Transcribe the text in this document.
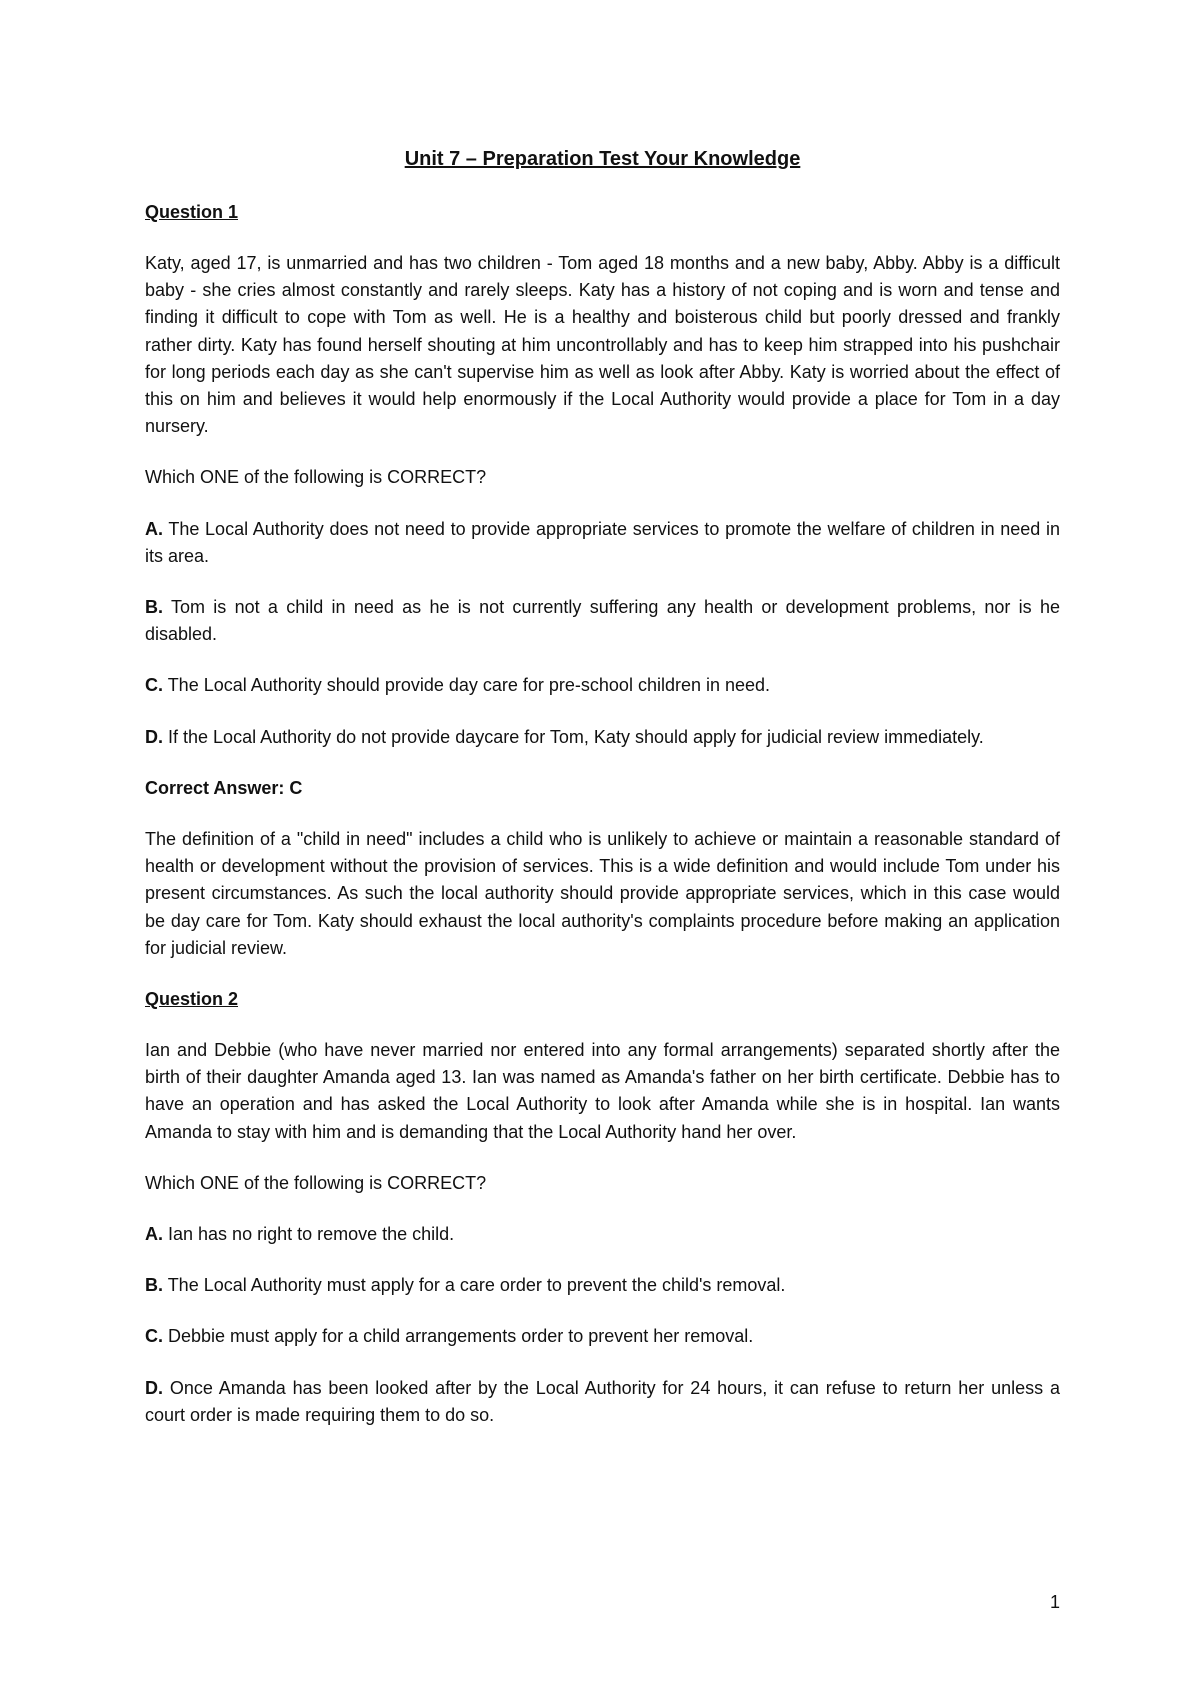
Unit 7 – Preparation Test Your Knowledge
Question 1

Katy, aged 17, is unmarried and has two children - Tom aged 18 months and a new baby, Abby. Abby is a difficult baby - she cries almost constantly and rarely sleeps. Katy has a history of not coping and is worn and tense and finding it difficult to cope with Tom as well. He is a healthy and boisterous child but poorly dressed and frankly rather dirty. Katy has found herself shouting at him uncontrollably and has to keep him strapped into his pushchair for long periods each day as she can't supervise him as well as look after Abby. Katy is worried about the effect of this on him and believes it would help enormously if the Local Authority would provide a place for Tom in a day nursery.

Which ONE of the following is CORRECT?

A. The Local Authority does not need to provide appropriate services to promote the welfare of children in need in its area.

B. Tom is not a child in need as he is not currently suffering any health or development problems, nor is he disabled.

C. The Local Authority should provide day care for pre-school children in need.

D. If the Local Authority do not provide daycare for Tom, Katy should apply for judicial review immediately.

Correct Answer: C

The definition of a "child in need" includes a child who is unlikely to achieve or maintain a reasonable standard of health or development without the provision of services. This is a wide definition and would include Tom under his present circumstances. As such the local authority should provide appropriate services, which in this case would be day care for Tom. Katy should exhaust the local authority's complaints procedure before making an application for judicial review.

Question 2

Ian and Debbie (who have never married nor entered into any formal arrangements) separated shortly after the birth of their daughter Amanda aged 13. Ian was named as Amanda's father on her birth certificate. Debbie has to have an operation and has asked the Local Authority to look after Amanda while she is in hospital. Ian wants Amanda to stay with him and is demanding that the Local Authority hand her over.

Which ONE of the following is CORRECT?

A. Ian has no right to remove the child.

B. The Local Authority must apply for a care order to prevent the child's removal.

C. Debbie must apply for a child arrangements order to prevent her removal.

D. Once Amanda has been looked after by the Local Authority for 24 hours, it can refuse to return her unless a court order is made requiring them to do so.

1
